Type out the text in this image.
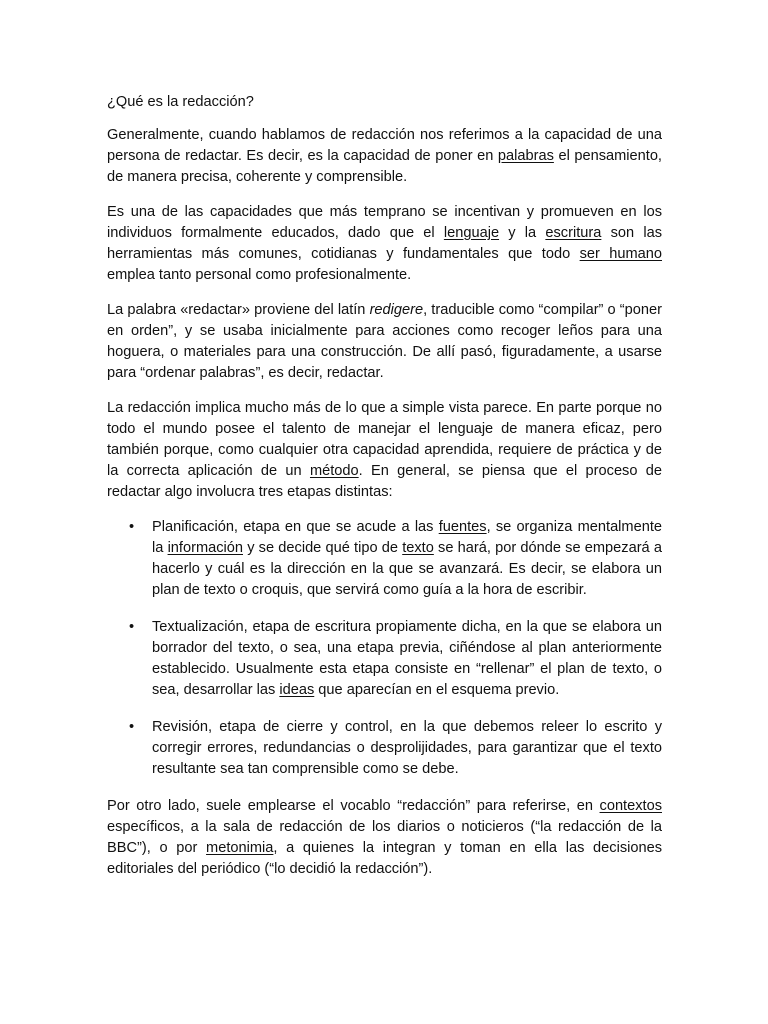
¿Qué es la redacción?

Generalmente, cuando hablamos de redacción nos referimos a la capacidad de una persona de redactar. Es decir, es la capacidad de poner en palabras el pensamiento, de manera precisa, coherente y comprensible.

Es una de las capacidades que más temprano se incentivan y promueven en los individuos formalmente educados, dado que el lenguaje y la escritura son las herramientas más comunes, cotidianas y fundamentales que todo ser humano emplea tanto personal como profesionalmente.

La palabra «redactar» proviene del latín redigere, traducible como “compilar” o “poner en orden”, y se usaba inicialmente para acciones como recoger leños para una hoguera, o materiales para una construcción. De allí pasó, figuradamente, a usarse para “ordenar palabras”, es decir, redactar.

La redacción implica mucho más de lo que a simple vista parece. En parte porque no todo el mundo posee el talento de manejar el lenguaje de manera eficaz, pero también porque, como cualquier otra capacidad aprendida, requiere de práctica y de la correcta aplicación de un método. En general, se piensa que el proceso de redactar algo involucra tres etapas distintas:

• Planificación, etapa en que se acude a las fuentes, se organiza mentalmente la información y se decide qué tipo de texto se hará, por dónde se empezará a hacerlo y cuál es la dirección en la que se avanzará. Es decir, se elabora un plan de texto o croquis, que servirá como guía a la hora de escribir.
• Textualización, etapa de escritura propiamente dicha, en la que se elabora un borrador del texto, o sea, una etapa previa, ciñéndose al plan anteriormente establecido. Usualmente esta etapa consiste en “rellenar” el plan de texto, o sea, desarrollar las ideas que aparecían en el esquema previo.
• Revisión, etapa de cierre y control, en la que debemos releer lo escrito y corregir errores, redundancias o desprolijidades, para garantizar que el texto resultante sea tan comprensible como se debe.

Por otro lado, suele emplearse el vocablo “redacción” para referirse, en contextos específicos, a la sala de redacción de los diarios o noticieros (“la redacción de la BBC”), o por metonimia, a quienes la integran y toman en ella las decisiones editoriales del periódico (“lo decidió la redacción”).
